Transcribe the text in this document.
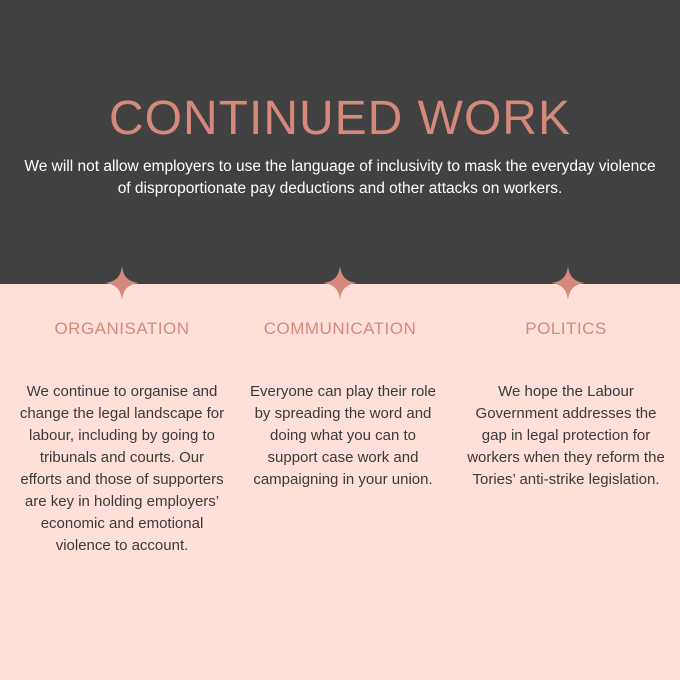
CONTINUED WORK

We will not allow employers to use the language of inclusivity to mask the everyday violence of disproportionate pay deductions and other attacks on workers.

ORGANISATION

We continue to organise and change the legal landscape for labour, including by going to tribunals and courts. Our efforts and those of supporters are key in holding employers’ economic and emotional violence to account.

COMMUNICATION

Everyone can play their role by spreading the word and doing what you can to support case work and campaigning in your union.

POLITICS

We hope the Labour Government addresses the gap in legal protection for workers when they reform the Tories’ anti-strike legislation.
